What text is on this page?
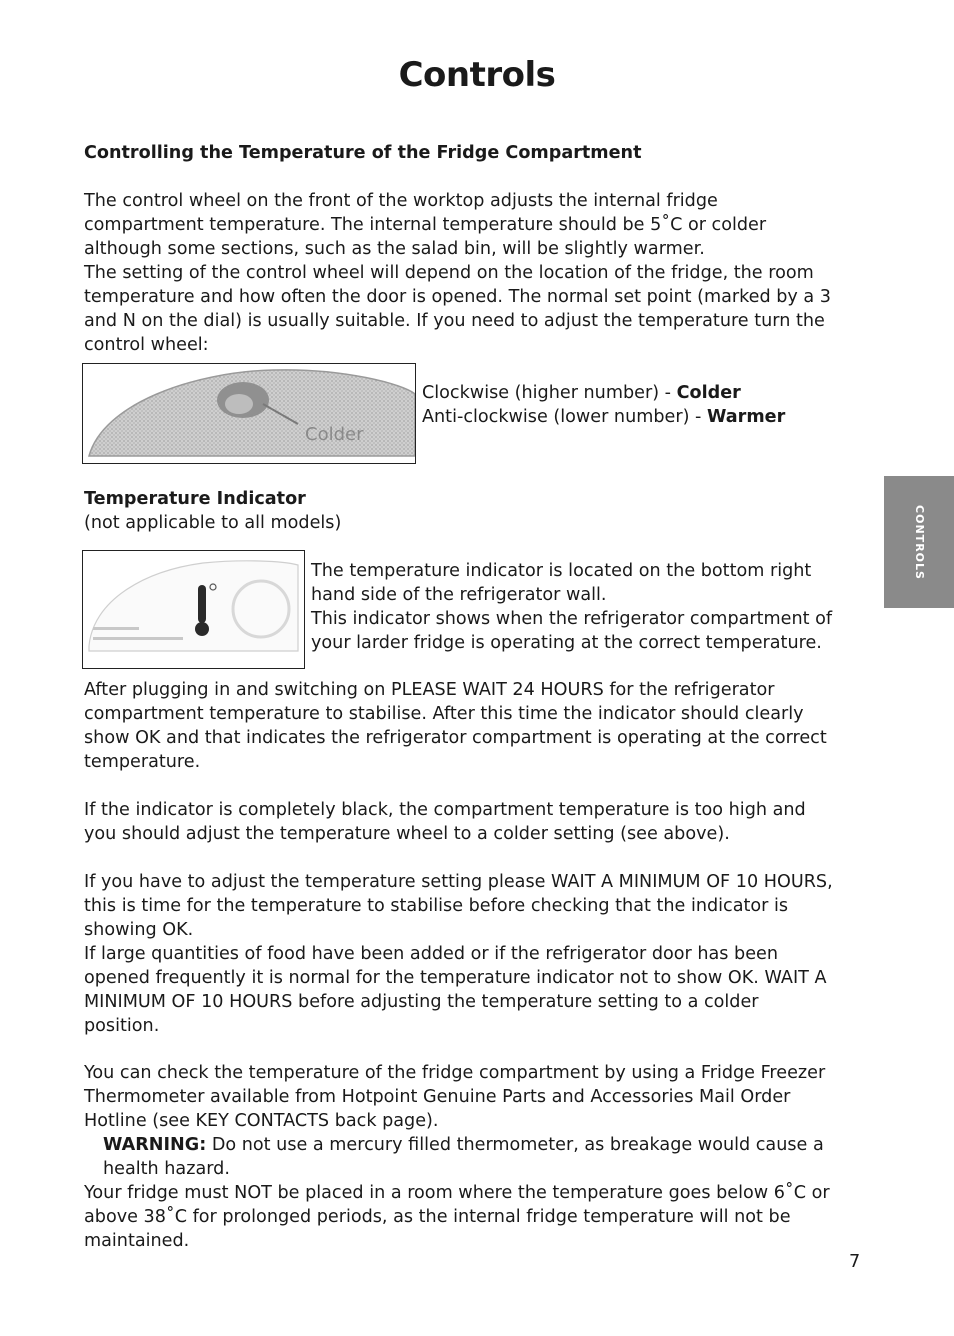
Controls
Controlling the Temperature of the Fridge Compartment
The control wheel on the front of the worktop adjusts the internal fridge
compartment temperature. The internal temperature should be 5˚C or colder
although some sections, such as the salad bin, will be slightly warmer.
The setting of the control wheel will depend on the location of the fridge, the room
temperature and how often the door is opened. The normal set point (marked by a 3
and N on the dial) is usually suitable. If you need to adjust the temperature turn the
control wheel:
Colder
Clockwise (higher number) - Colder
Anti-clockwise (lower number) - Warmer
Temperature Indicator
(not applicable to all models)
The temperature indicator is located on the bottom right
hand side of the refrigerator wall.
This indicator shows when the refrigerator compartment of
your larder fridge is operating at the correct temperature.
After plugging in and switching on PLEASE WAIT 24 HOURS for the refrigerator
compartment temperature to stabilise. After this time the indicator should clearly
show OK and that indicates the refrigerator compartment is operating at the correct
temperature.
If the indicator is completely black, the compartment temperature is too high and
you should adjust the temperature wheel to a colder setting (see above).
If you have to adjust the temperature setting please WAIT A MINIMUM OF 10 HOURS,
this is time for the temperature to stabilise before checking that the indicator is
showing OK.
If large quantities of food have been added or if the refrigerator door has been
opened frequently it is normal for the temperature indicator not to show OK. WAIT A
MINIMUM OF 10 HOURS before adjusting the temperature setting to a colder
position.
You can check the temperature of the fridge compartment by using a Fridge Freezer
Thermometer available from Hotpoint Genuine Parts and Accessories Mail Order
Hotline (see KEY CONTACTS back page).
WARNING: Do not use a mercury filled thermometer, as breakage would cause a
health hazard.
Your fridge must NOT be placed in a room where the temperature goes below 6˚C or
above 38˚C for prolonged periods, as the internal fridge temperature will not be
maintained.
CONTROLS
7
